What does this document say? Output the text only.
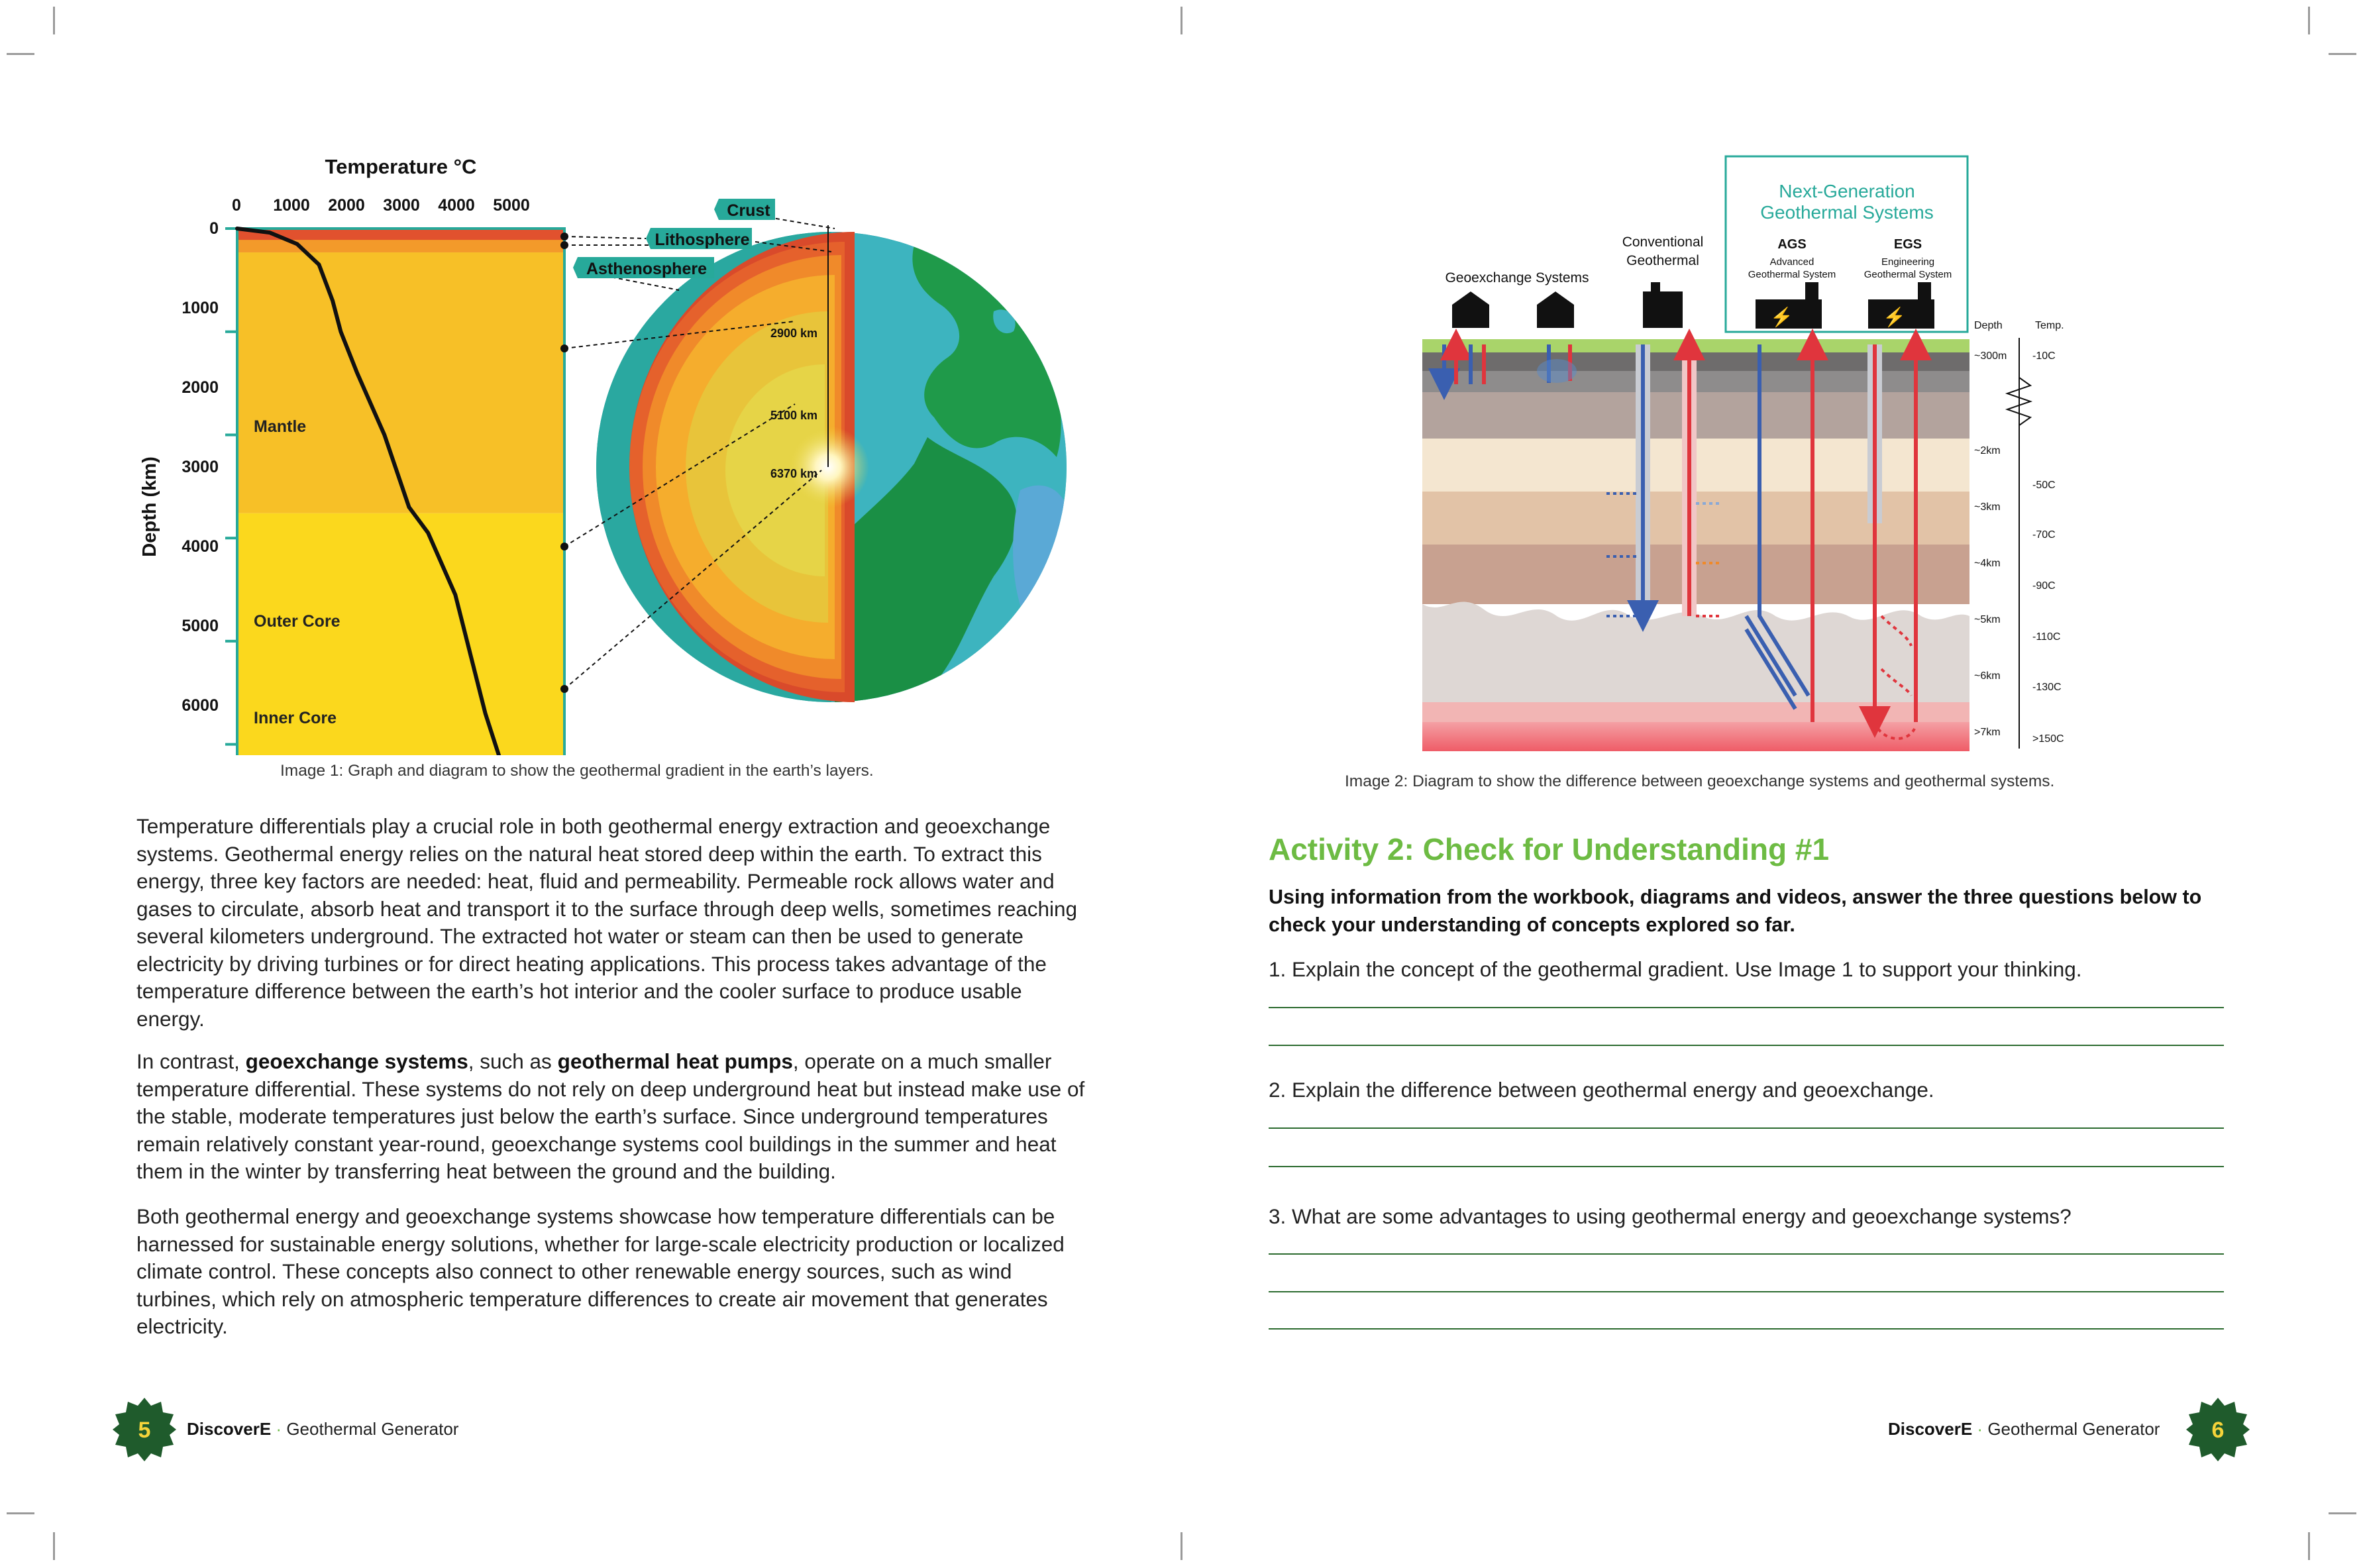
Temperature °C
0 1000 2000 3000 4000 5000
Depth (km)
0
1000
2000
3000
4000
5000
6000
Mantle
Outer Core
Inner Core
2900 km
5100 km
6370 km
Crust
Lithosphere
Asthenosphere
Image 1: Graph and diagram to show the geothermal gradient in the earth’s layers.
Next-Generation
Geothermal Systems
AGS
Advanced
Geothermal System
EGS
Engineering
Geothermal System
Conventional
Geothermal
Geoexchange Systems
⚡	⚡	Depth	Temp.
~300m
~2km
~3km
~4km
~5km
~6km
>7km
-10C
-50C
-70C
-90C
-110C
-130C
>150C
Image 2: Diagram to show the difference between geoexchange systems and geothermal systems.

Temperature differentials play a crucial role in both geothermal energy extraction and geoexchange systems. Geothermal energy relies on the natural heat stored deep within the earth. To extract this energy, three key factors are needed: heat, fluid and permeability. Permeable rock allows water and gases to circulate, absorb heat and transport it to the surface through deep wells, sometimes reaching several kilometers underground. The extracted hot water or steam can then be used to generate electricity by driving turbines or for direct heating applications. This process takes advantage of the temperature difference between the earth’s hot interior and the cooler surface to produce usable energy.

In contrast, geoexchange systems, such as geothermal heat pumps, operate on a much smaller temperature differential. These systems do not rely on deep underground heat but instead make use of the stable, moderate temperatures just below the earth’s surface. Since underground temperatures remain relatively constant year-round, geoexchange systems cool buildings in the summer and heat them in the winter by transferring heat between the ground and the building.

Both geothermal energy and geoexchange systems showcase how temperature differentials can be harnessed for sustainable energy solutions, whether for large-scale electricity production or localized climate control. These concepts also connect to other renewable energy sources, such as wind turbines, which rely on atmospheric temperature differences to create air movement that generates electricity.

Activity 2: Check for Understanding #1

Using information from the workbook, diagrams and videos, answer the three questions below to check your understanding of concepts explored so far.

1. Explain the concept of the geothermal gradient. Use Image 1 to support your thinking.
2. Explain the difference between geothermal energy and geoexchange.
3. What are some advantages to using geothermal energy and geoexchange systems?
5 DiscoverE · Geothermal Generator	DiscoverE · Geothermal Generator 6
